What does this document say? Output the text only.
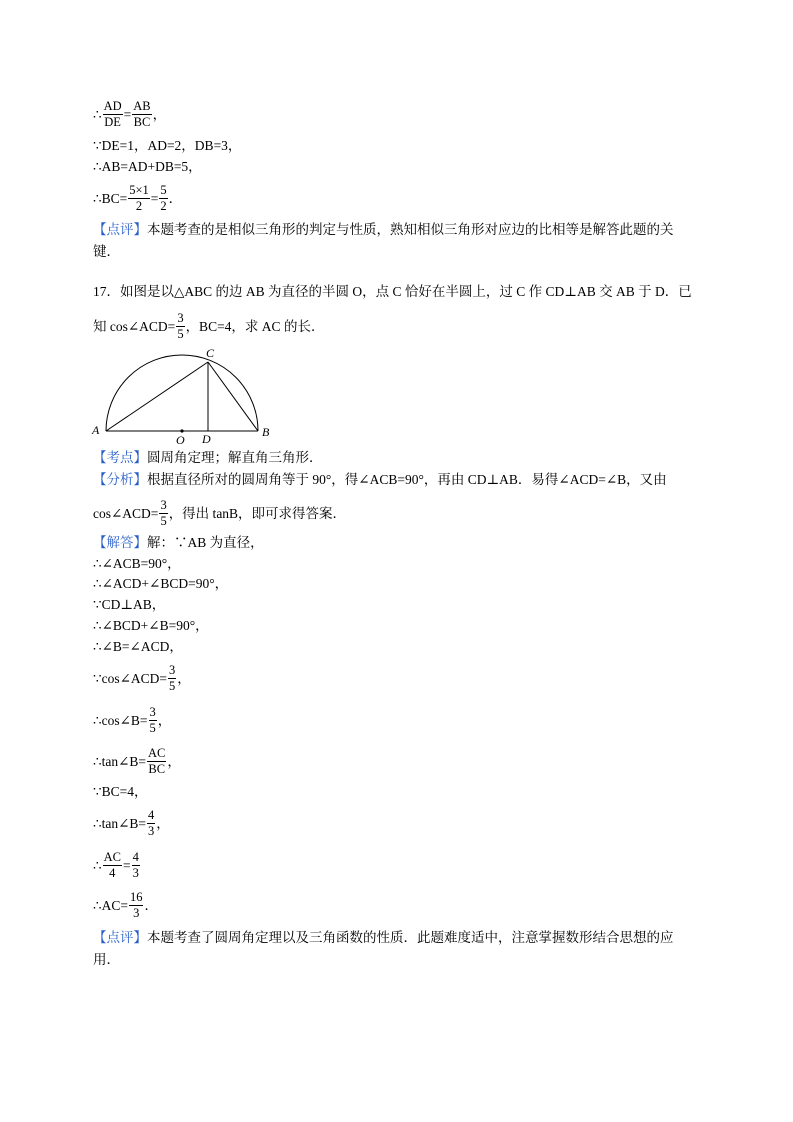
∴ $\frac{AD}{DE} = \frac{AB}{BC}$ ，
∵DE=1，AD=2，DB=3，
∴AB=AD+DB=5，
∴BC= $\frac{5\times 1}{2} = \frac{5}{2}$ ．
【点评】本题考查的是相似三角形的判定与性质，熟知相似三角形对应边的比相等是解答此题的关键．
17．如图是以△ABC 的边 AB 为直径的半圆 O，点 C 恰好在半圆上，过 C 作 CD⊥AB 交 AB 于 D．已
知 cos∠ACD= $\frac{3}{5}$ ，BC=4，求 AC 的长．
A	B
C
D
O
【考点】 圆周角定理；解直角三角形．
【分析】 根据直径所对的圆周角等于 90°，得∠ACB=90°，再由 CD⊥AB．易得∠ACD=∠B，又由
cos∠ACD= $\frac{3}{5}$ ，得出 tanB，即可求得答案．
【解答】 解：∵AB 为直径，
∴∠ACB=90°，
∴∠ACD+∠BCD=90°，
∵CD⊥AB，
∴∠BCD+∠B=90°，
∴∠B=∠ACD，
∵cos∠ACD= $\frac{3}{5}$ ，
∴cos∠B= $\frac{3}{5}$ ，
∴tan∠B= $\frac{AC}{BC}$ ，
∵BC=4，
∴tan∠B= $\frac{4}{3}$ ，
∴ $\frac{AC}{4} = \frac{4}{3}$
∴AC= $\frac{16}{3}$ ．
【点评】本题考查了圆周角定理以及三角函数的性质．此题难度适中，注意掌握数形结合思想的应用．
